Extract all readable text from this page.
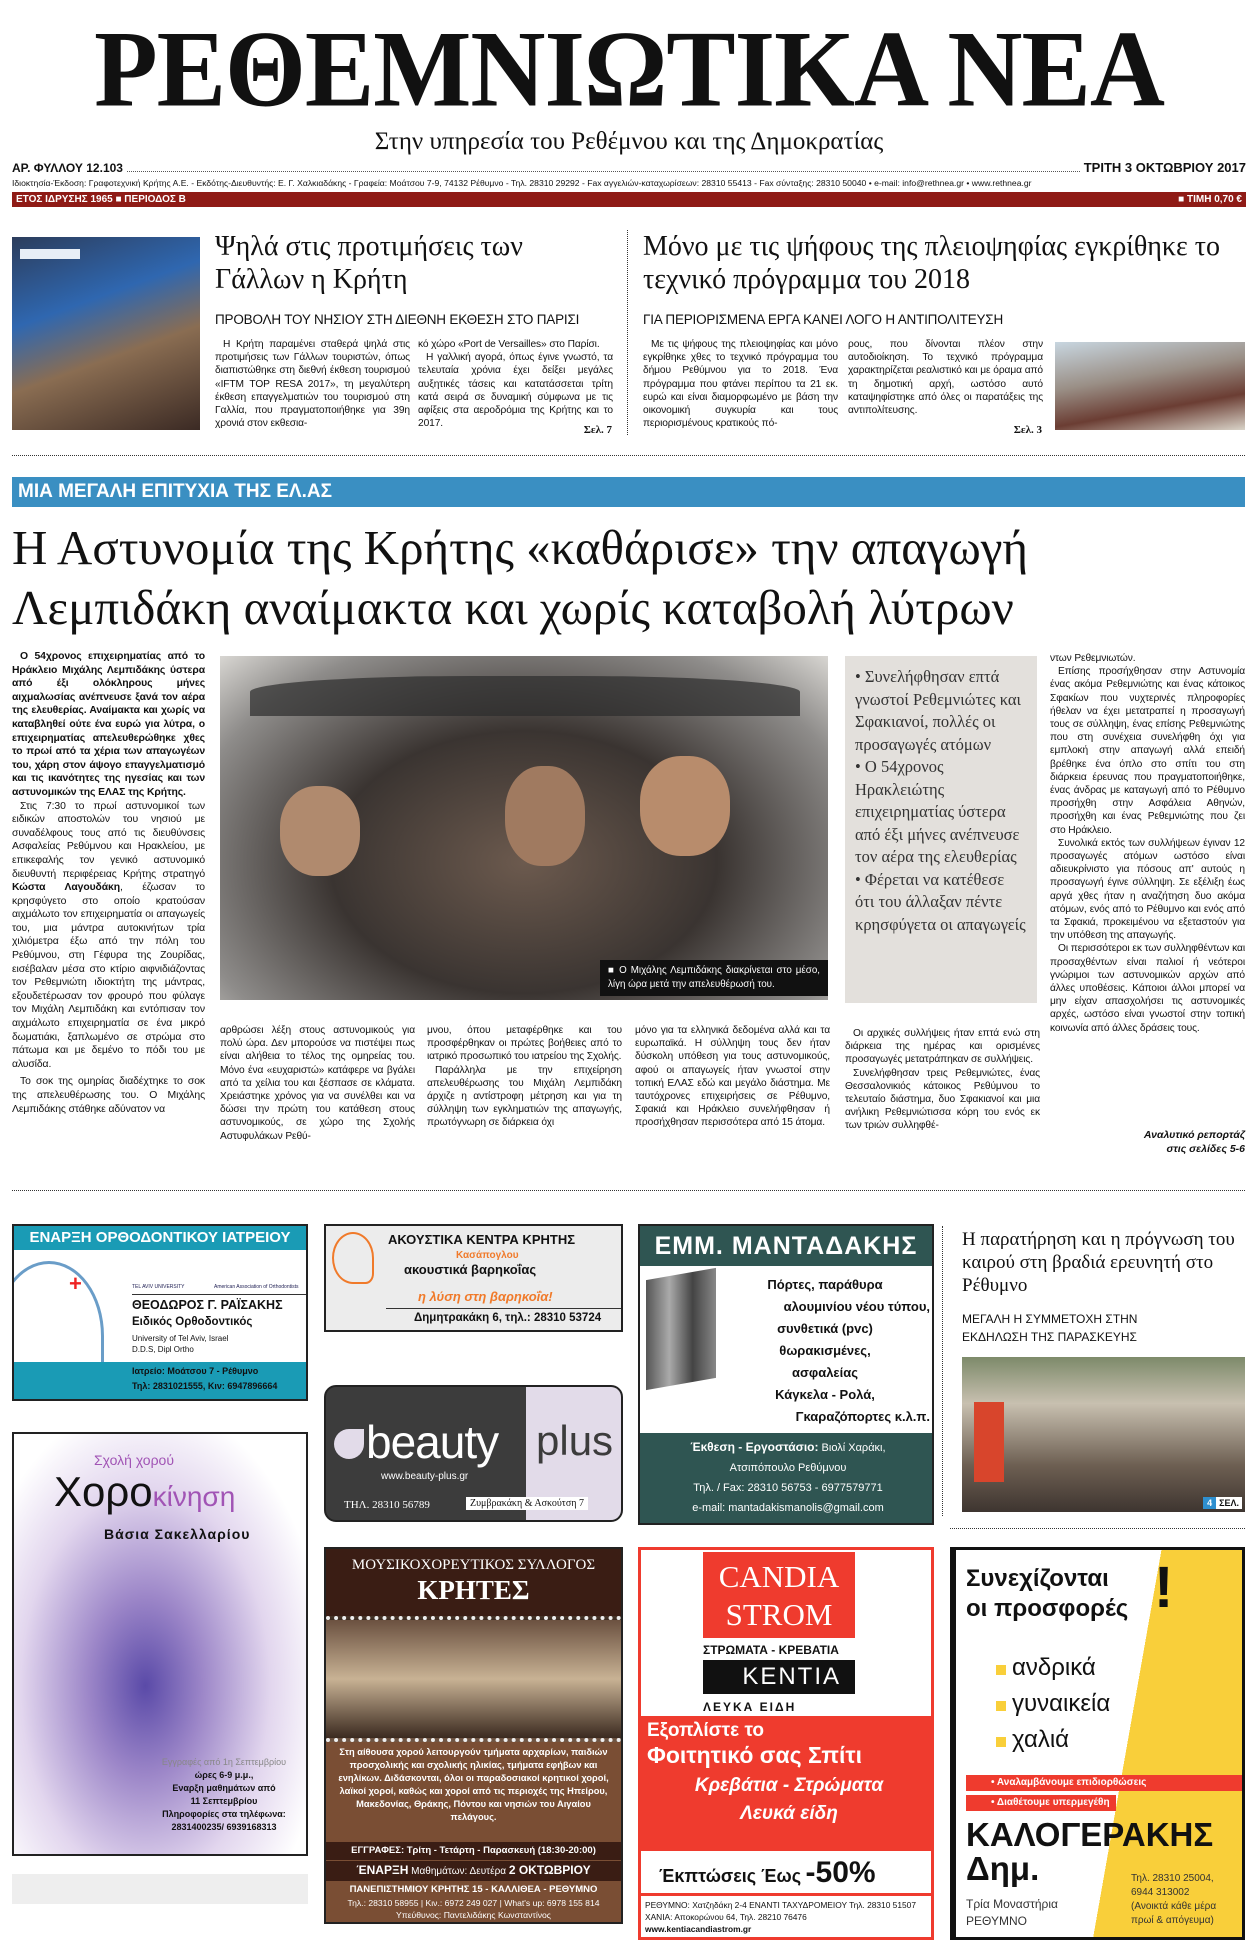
ΡΕΘΕΜΝΙΩΤΙΚΑ ΝΕΑ
Στην υπηρεσία του Ρεθέμνου και της Δημοκρατίας
ΑΡ. ΦΥΛΛΟΥ 12.103	ΤΡΙΤΗ 3 ΟΚΤΩΒΡΙΟΥ 2017
Ιδιοκτησία-Έκδοση: Γραφοτεχνική Κρήτης Α.Ε. - Εκδότης-Διευθυντής: Ε. Γ. Χαλκιαδάκης - Γραφεία: Μοάτσου 7-9, 74132 Ρέθυμνο - Τηλ. 28310 29292 - Fax αγγελιών-καταχωρίσεων: 28310 55413 - Fax σύνταξης: 28310 50040 • e-mail: info@rethnea.gr • www.rethnea.gr
ΕΤΟΣ ΙΔΡΥΣΗΣ 1965 ■ ΠΕΡΙΟΔΟΣ Β	■ ΤΙΜΗ 0,70 €
Ψηλά στις προτιμήσεις των Γάλλων η Κρήτη
ΠΡΟΒΟΛΗ ΤΟΥ ΝΗΣΙΟΥ ΣΤΗ ΔΙΕΘΝΗ ΕΚΘΕΣΗ ΣΤΟ ΠΑΡΙΣΙ

Η Κρήτη παραμένει σταθερά ψηλά στις προτιμήσεις των Γάλλων τουριστών, όπως διαπιστώθηκε στη διεθνή έκθεση τουρισμού «IFTM TOP RESA 2017», τη μεγαλύτερη έκθεση επαγγελματιών του τουρισμού στη Γαλλία, που πραγματοποιήθηκε για 39η χρονιά στον εκθεσια-

κό χώρο «Port de Versailles» στο Παρίσι.

Η γαλλική αγορά, όπως έγινε γνωστό, τα τελευταία χρόνια έχει δείξει μεγάλες αυξητικές τάσεις και κατατάσσεται τρίτη κατά σειρά σε δυναμική σύμφωνα με τις αφίξεις στα αεροδρόμια της Κρήτης και το 2017.

Σελ. 7
Μόνο με τις ψήφους της πλειοψηφίας εγκρίθηκε το τεχνικό πρόγραμμα του 2018
ΓΙΑ ΠΕΡΙΟΡΙΣΜΕΝΑ ΕΡΓΑ ΚΑΝΕΙ ΛΟΓΟ Η ΑΝΤΙΠΟΛΙΤΕΥΣΗ

Με τις ψήφους της πλειοψηφίας και μόνο εγκρίθηκε χθες το τεχνικό πρόγραμμα του δήμου Ρεθύμνου για το 2018. Ένα πρόγραμμα που φτάνει περίπου τα 21 εκ. ευρώ και είναι διαμορφωμένο με βάση την οικονομική συγκυρία και τους περιορισμένους κρατικούς πό-

ρους, που δίνονται πλέον στην αυτοδιοίκηση. Το τεχνικό πρόγραμμα χαρακτηρίζεται ρεαλιστικό και με όραμα από τη δημοτική αρχή, ωστόσο αυτό καταψηφίστηκε από όλες οι παρατάξεις της αντιπολίτευσης.

Σελ. 3
ΜΙΑ ΜΕΓΑΛΗ ΕΠΙΤΥΧΙΑ ΤΗΣ ΕΛ.ΑΣ
Η Αστυνομία της Κρήτης «καθάρισε» την απαγωγή
Λεμπιδάκη αναίμακτα και χωρίς καταβολή λύτρων

Ο 54χρονος επιχειρηματίας από το Ηράκλειο Μιχάλης Λεμπιδάκης ύστερα από έξι ολόκληρους μήνες αιχμαλωσίας ανέπνευσε ξανά τον αέρα της ελευθερίας. Αναίμακτα και χωρίς να καταβληθεί ούτε ένα ευρώ για λύτρα, ο επιχειρηματίας απελευθερώθηκε χθες το πρωί από τα χέρια των απαγωγέων του, χάρη στον άψογο επαγγελματισμό και τις ικανότητες της ηγεσίας και των αστυνομικών της ΕΛΑΣ της Κρήτης.

Στις 7:30 το πρωί αστυνομικοί των ειδικών αποστολών του νησιού με συναδέλφους τους από τις διευθύνσεις Ασφαλείας Ρεθύμνου και Ηρακλείου, με επικεφαλής τον γενικό αστυνομικό διευθυντή περιφέρειας Κρήτης στρατηγό Κώστα Λαγουδάκη, έζωσαν το κρησφύγετο στο οποίο κρατούσαν αιχμάλωτο τον επιχειρηματία οι απαγωγείς του, μια μάντρα αυτοκινήτων τρία χιλιόμετρα έξω από την πόλη του Ρεθύμνου, στη Γέφυρα της Ζουρίδας, εισέβαλαν μέσα στο κτίριο αιφνιδιάζοντας τον Ρεθεμνιώτη ιδιοκτήτη της μάντρας, εξουδετέρωσαν τον φρουρό που φύλαγε τον Μιχάλη Λεμπιδάκη και εντόπισαν τον αιχμάλωτο επιχειρηματία σε ένα μικρό δωματιάκι, ξαπλωμένο σε στρώμα στο πάτωμα και με δεμένο το πόδι του με αλυσίδα.

Το σοκ της ομηρίας διαδέχτηκε το σοκ της απελευθέρωσης του. Ο Μιχάλης Λεμπιδάκης στάθηκε αδύνατον να

■ Ο Μιχάλης Λεμπιδάκης διακρίνεται στο μέσο, λίγη ώρα μετά την απελευθέρωσή του.

αρθρώσει λέξη στους αστυνομικούς για πολύ ώρα. Δεν μπορούσε να πιστέψει πως είναι αλήθεια το τέλος της ομηρείας του. Μόνο ένα «ευχαριστώ» κατάφερε να βγάλει από τα χείλια του και ξέσπασε σε κλάματα. Χρειάστηκε χρόνος για να συνέλθει και να δώσει την πρώτη του κατάθεση στους αστυνομικούς, σε χώρο της Σχολής Αστυφυλάκων Ρεθύ-

μνου, όπου μεταφέρθηκε και του προσφέρθηκαν οι πρώτες βοήθειες από το ιατρικό προσωπικό του ιατρείου της Σχολής.

Παράλληλα με την επιχείρηση απελευθέρωσης του Μιχάλη Λεμπιδάκη άρχιζε η αντίστροφη μέτρηση και για τη σύλληψη των εγκληματιών της απαγωγής, πρωτόγνωρη σε διάρκεια όχι

μόνο για τα ελληνικά δεδομένα αλλά και τα ευρωπαϊκά. Η σύλληψη τους δεν ήταν δύσκολη υπόθεση για τους αστυνομικούς, αφού οι απαγωγείς ήταν γνωστοί στην τοπική ΕΛΑΣ εδώ και μεγάλο διάστημα. Με ταυτόχρονες επιχειρήσεις σε Ρέθυμνο, Σφακιά και Ηράκλειο συνελήφθησαν ή προσήχθησαν περισσότερα από 15 άτομα.

• Συνελήφθησαν επτά γνωστοί Ρεθεμνιώτες και Σφακιανοί, πολλές οι προσαγωγές ατόμων
• Ο 54χρονος Ηρακλειώτης επιχειρηματίας ύστερα από έξι μήνες ανέπνευσε τον αέρα της ελευθερίας
• Φέρεται να κατέθεσε ότι του άλλαξαν πέντε κρησφύγετα οι απαγωγείς

Οι αρχικές συλλήψεις ήταν επτά ενώ στη διάρκεια της ημέρας και ορισμένες προσαγωγές μετατράπηκαν σε συλλήψεις.

Συνελήφθησαν τρεις Ρεθεμνιώτες, ένας Θεσσαλονικιός κάτοικος Ρεθύμνου το τελευταίο διάστημα, δυο Σφακιανοί και μια ανήλικη Ρεθεμνιώτισσα κόρη του ενός εκ των τριών συλληφθέ-

ντων Ρεθεμνιωτών.

Επίσης προσήχθησαν στην Αστυνομία ένας ακόμα Ρεθεμνιώτης και ένας κάτοικος Σφακίων που νυχτερινές πληροφορίες ήθελαν να έχει μετατραπεί η προσαγωγή τους σε σύλληψη, ένας επίσης Ρεθεμνιώτης που στη συνέχεια συνελήφθη όχι για εμπλοκή στην απαγωγή αλλά επειδή βρέθηκε ένα όπλο στο σπίτι του στη διάρκεια έρευνας που πραγματοποιήθηκε, ένας άνδρας με καταγωγή από το Ρέθυμνο προσήχθη στην Ασφάλεια Αθηνών, προσήχθη και ένας Ρεθεμνιώτης που ζει στο Ηράκλειο.

Συνολικά εκτός των συλλήψεων έγιναν 12 προσαγωγές ατόμων ωστόσο είναι αδιευκρίνιστο για πόσους απ' αυτούς η προσαγωγή έγινε σύλληψη. Σε εξέλιξη έως αργά χθες ήταν η αναζήτηση δυο ακόμα ατόμων, ενός από το Ρέθυμνο και ενός από τα Σφακιά, προκειμένου να εξεταστούν για την υπόθεση της απαγωγής.

Οι περισσότεροι εκ των συλληφθέντων και προσαχθέντων είναι παλιοί ή νεότεροι γνώριμοι των αστυνομικών αρχών από άλλες υποθέσεις. Κάποιοι άλλοι μπορεί να μην είχαν απασχολήσει τις αστυνομικές αρχές, ωστόσο είναι γνωστοί στην τοπική κοινωνία από άλλες δράσεις τους.

Αναλυτικό ρεπορτάζ στις σελίδες 5-6
ΕΝΑΡΞΗ ΟΡΘΟΔΟΝΤΙΚΟΥ ΙΑΤΡΕΙΟΥ
+	TEL AVIV UNIVERSITY	American Association of Orthodontists
ΘΕΟΔΩΡΟΣ Γ. ΡΑΪΣΑΚΗΣ
Ειδικός Ορθοδοντικός
University of Tel Aviv, Israel
D.D.S, Dipl Ortho
Ιατρείο: Μοάτσου 7 - Ρέθυμνο
Τηλ: 2831021555, Κιν: 6947896664
ΑΚΟΥΣΤΙΚΑ ΚΕΝΤΡΑ ΚΡΗΤΗΣ
Κασάπογλου
ακουστικά βαρηκοΐας
η λύση στη βαρηκοΐα!
Δημητρακάκη 6, τηλ.: 28310 53724
beauty plus
www.beauty-plus.gr
ΤΗΛ. 28310 56789	Ζυμβρακάκη & Ασκούτση 7
ΕΜΜ. ΜΑΝΤΑΔΑΚΗΣ
Πόρτες, παράθυρα
αλουμινίου νέου τύπου,
συνθετικά (pvc)
θωρακισμένες,
ασφαλείας
Κάγκελα - Ρολά,
Γκαραζόπορτες κ.λ.π.
Έκθεση - Εργοστάσιο: Βιολί Χαράκι,
Ατσιπόπουλο Ρεθύμνου
Τηλ. / Fax: 28310 56753 - 6977579771
e-mail: mantadakismanolis@gmail.com
Η παρατήρηση και η πρόγνωση του καιρού στη βραδιά ερευνητή στο Ρέθυμνο
ΜΕΓΑΛΗ Η ΣΥΜΜΕΤΟΧΗ ΣΤΗΝ ΕΚΔΗΛΩΣΗ ΤΗΣ ΠΑΡΑΣΚΕΥΗΣ
4 ΣΕΛ.
Σχολή χορού
Χοροκίνηση
Βάσια Σακελλαρίου
Εγγραφές από 1η Σεπτεμβρίου
ώρες 6-9 μ.μ.,
Εναρξη μαθημάτων από
11 Σεπτεμβρίου
Πληροφορίες στα τηλέφωνα:
2831400235/ 6939168313
ΜΟΥΣΙΚΟΧΟΡΕΥΤΙΚΟΣ ΣΥΛΛΟΓΟΣ
ΚΡΗΤΕΣ
Στη αίθουσα χορού λειτουργούν τμήματα αρχαρίων, παιδιών προσχολικής και σχολικής ηλικίας, τμήματα εφήβων και ενηλίκων. Διδάσκονται, όλοι οι παραδοσιακοί κρητικοί χοροί, λαϊκοί χοροί, καθώς και χοροί από τις περιοχές της Ηπείρου, Μακεδονίας, Θράκης, Πόντου και νησιών του Αιγαίου πελάγους.
ΕΓΓΡΑΦΕΣ: Τρίτη - Τετάρτη - Παρασκευή (18:30-20:00)
ΈΝΑΡΞΗ Μαθημάτων: Δευτέρα 2 ΟΚΤΩΒΡΙΟΥ
ΠΑΝΕΠΙΣΤΗΜΙΟΥ ΚΡΗΤΗΣ 15 - ΚΑΛΛΙΘΕΑ - ΡΕΘΥΜΝΟ
Τηλ.: 28310 58955 | Κιν.: 6972 249 027 | What's up: 6978 155 814
Υπεύθυνος: Παντελιδάκης Κωνσταντίνος
CANDIA
STROM
ΣΤΡΩΜΑΤΑ - ΚΡΕΒΑΤΙΑ
KENTIA
ΛΕΥΚΑ ΕΙΔΗ
Εξοπλίστε το
Φοιτητικό σας Σπίτι
Κρεβάτια - Στρώματα
Λευκά είδη
Έκπτώσεις Έως -50%
ΡΕΘΥΜΝΟ: Χατζηδάκη 2-4 ΕΝΑΝΤΙ ΤΑΧΥΔΡΟΜΕΙΟΥ Τηλ. 28310 51507
ΧΑΝΙΑ: Αποκορώνου 64, Τηλ. 28210 76476
www.kentiacandiastrom.gr
Συνεχίζονται
οι προσφορές !
ανδρικά
γυναικεία
χαλιά
• Αναλαμβάνουμε επιδιορθώσεις
• Διαθέτουμε υπερμεγέθη
ΚΑΛΟΓΕΡΑΚΗΣ
Δημ.
Τρία Μοναστήρια
ΡΕΘΥΜΝΟ
Τηλ. 28310 25004,
6944 313002
(Ανοικτά κάθε μέρα
πρωί & απόγευμα)
